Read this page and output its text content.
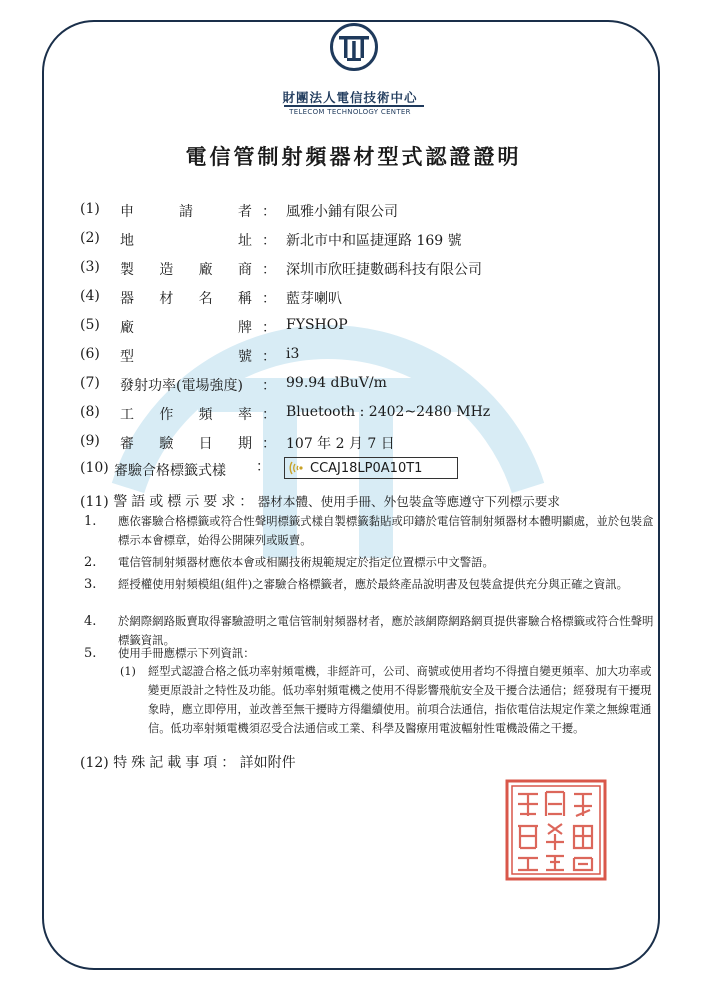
財團法人電信技術中心
TELECOM TECHNOLOGY CENTER
電信管制射頻器材型式認證證明
(1) 申	請	者 ： 風雅小鋪有限公司
(2) 地	址 ： 新北市中和區捷運路 169 號
(3) 製 造 廠 商 ： 深圳市欣旺捷數碼科技有限公司
(4) 器 材 名 稱 ： 藍芽喇叭
(5) 廠	牌 ： FYSHOP
(6) 型	號 ： i3
(7) 發射功率(電場強度) ： 99.94 dBuV/m
(8) 工 作 頻 率 ： Bluetooth : 2402~2480 MHz
(9) 審 驗 日 期 ： 107 年 2 月 7 日
(10) 審驗合格標籤式樣 ：	CCAJ18LP0A10T1
(11) 警語或標示要求： 器材本體、使用手冊、外包裝盒等應遵守下列標示要求
1. 應依審驗合格標籤或符合性聲明標籤式樣自製標籤黏貼或印鑄於電信管制射頻器材本體明顯處，並於包裝盒標示本會標章，始得公開陳列或販賣。
2. 電信管制射頻器材應依本會或相關技術規範規定於指定位置標示中文警語。
3. 經授權使用射頻模組(組件)之審驗合格標籤者，應於最終產品說明書及包裝盒提供充分與正確之資訊。
4. 於網際網路販賣取得審驗證明之電信管制射頻器材者，應於該網際網路網頁提供審驗合格標籤或符合性聲明標籤資訊。
5. 使用手冊應標示下列資訊：
(1) 經型式認證合格之低功率射頻電機，非經許可，公司、商號或使用者均不得擅自變更頻率、加大功率或變更原設計之特性及功能。低功率射頻電機之使用不得影響飛航安全及干擾合法通信；經發現有干擾現象時，應立即停用，並改善至無干擾時方得繼續使用。前項合法通信，指依電信法規定作業之無線電通信。低功率射頻電機須忍受合法通信或工業、科學及醫療用電波輻射性電機設備之干擾。
(12) 特殊記載事項： 詳如附件
